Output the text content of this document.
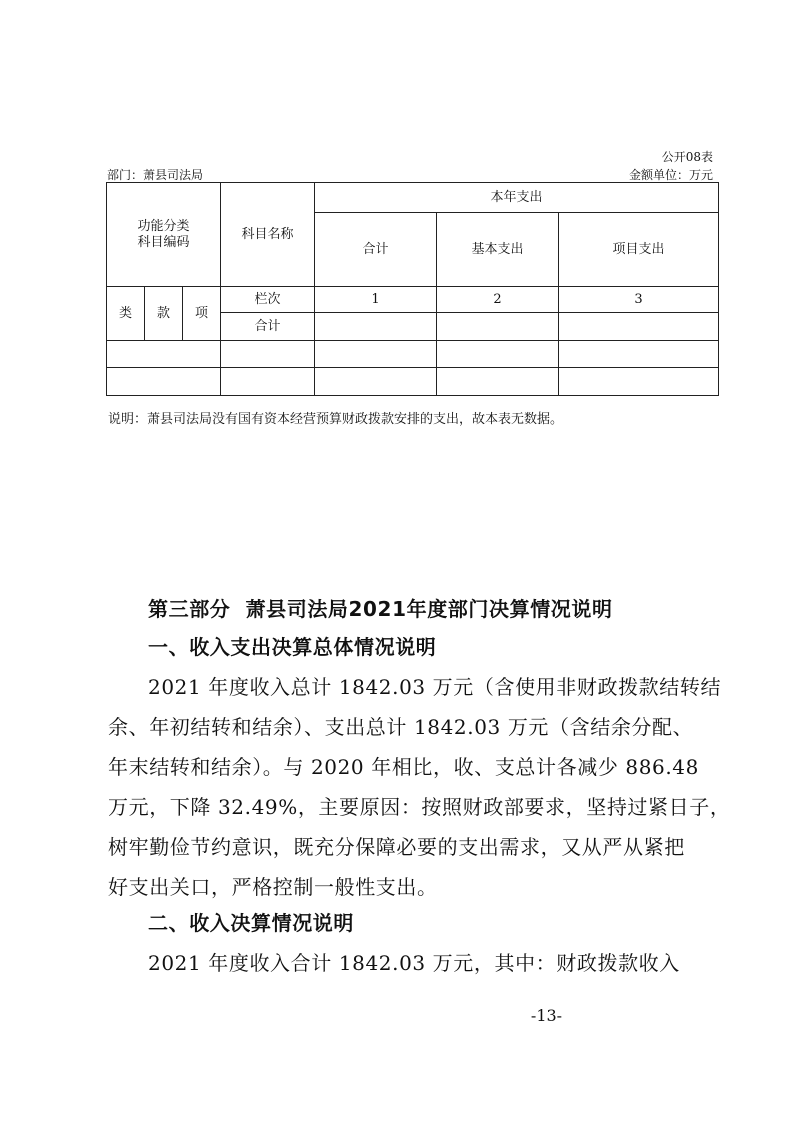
公开08表
部门：萧县司法局	金额单位：万元
功能分类
科目编码			科目名称	本年支出		
				合计	基本支出	项目支出
类	款	项	栏次	1	2	3
			合计			

说明：萧县司法局没有国有资本经营预算财政拨款安排的支出，故本表无数据。
第三部分  萧县司法局2021年度部门决算情况说明
一、收入支出决算总体情况说明
2021 年度收入总计 1842.03 万元（含使用非财政拨款结转结
余、年初结转和结余）、支出总计 1842.03 万元（含结余分配、
年末结转和结余）。与 2020 年相比，收、支总计各减少 886.48
万元，下降 32.49%，主要原因：按照财政部要求，坚持过紧日子，
树牢勤俭节约意识，既充分保障必要的支出需求，又从严从紧把
好支出关口，严格控制一般性支出。
二、收入决算情况说明
2021 年度收入合计 1842.03 万元，其中：财政拨款收入
-13-
